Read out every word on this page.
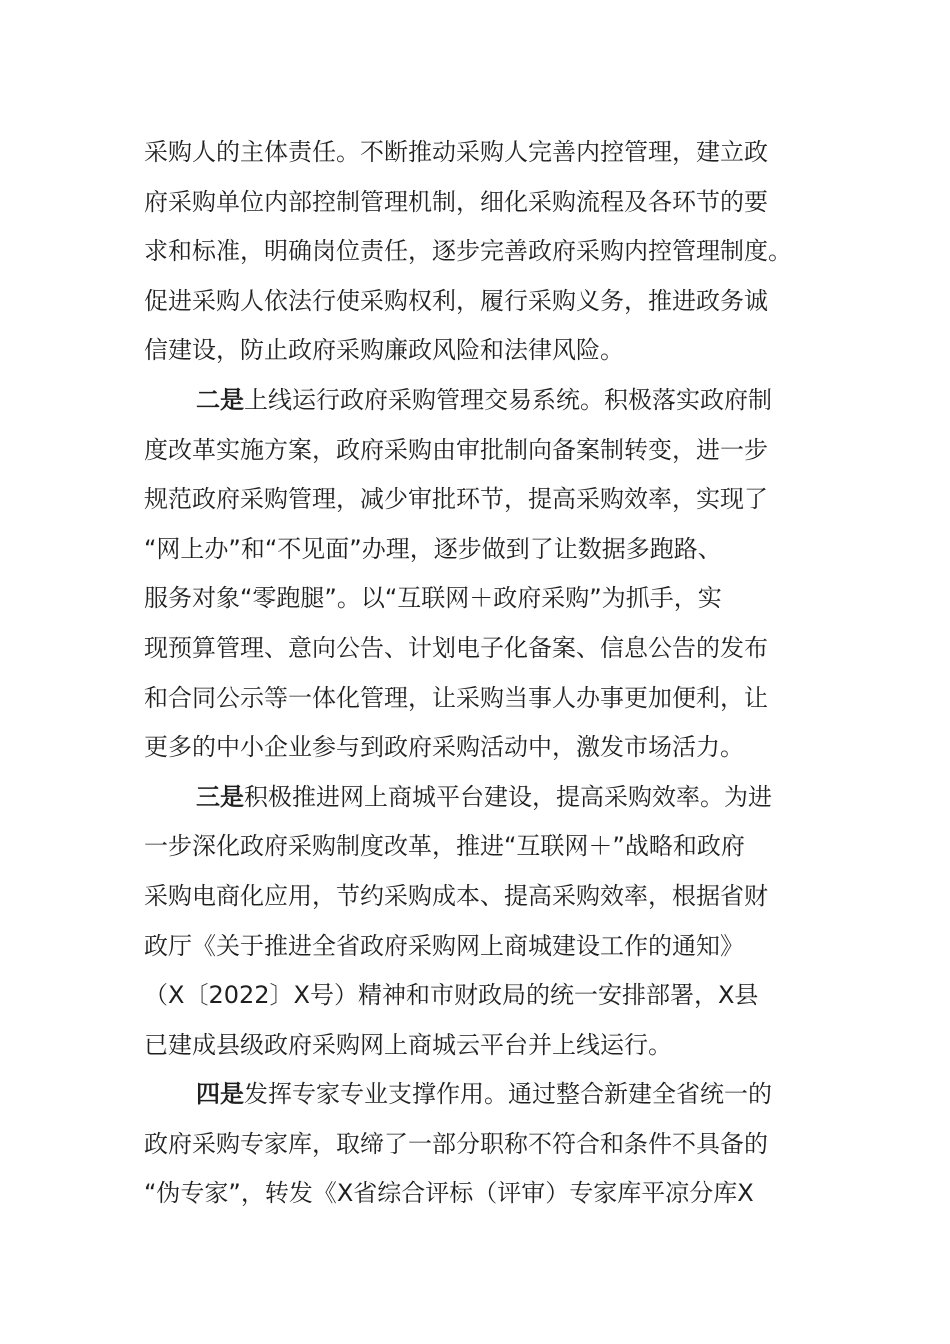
采购人的主体责任。不断推动采购人完善内控管理，建立政
府采购单位内部控制管理机制，细化采购流程及各环节的要
求和标准，明确岗位责任，逐步完善政府采购内控管理制度。
促进采购人依法行使采购权利，履行采购义务，推进政务诚
信建设，防止政府采购廉政风险和法律风险。
二是上线运行政府采购管理交易系统。积极落实政府制
度改革实施方案，政府采购由审批制向备案制转变，进一步
规范政府采购管理，减少审批环节，提高采购效率，实现了
“网上办”和“不见面”办理，逐步做到了让数据多跑路、
服务对象“零跑腿”。以“互联网＋政府采购”为抓手，实
现预算管理、意向公告、计划电子化备案、信息公告的发布
和合同公示等一体化管理，让采购当事人办事更加便利，让
更多的中小企业参与到政府采购活动中，激发市场活力。
三是积极推进网上商城平台建设，提高采购效率。为进
一步深化政府采购制度改革，推进“互联网＋”战略和政府
采购电商化应用，节约采购成本、提高采购效率，根据省财
政厅《关于推进全省政府采购网上商城建设工作的通知》
（X〔2022〕X号）精神和市财政局的统一安排部署，X县
已建成县级政府采购网上商城云平台并上线运行。
四是发挥专家专业支撑作用。通过整合新建全省统一的
政府采购专家库，取缔了一部分职称不符合和条件不具备的
“伪专家”，转发《X省综合评标（评审）专家库平凉分库X
